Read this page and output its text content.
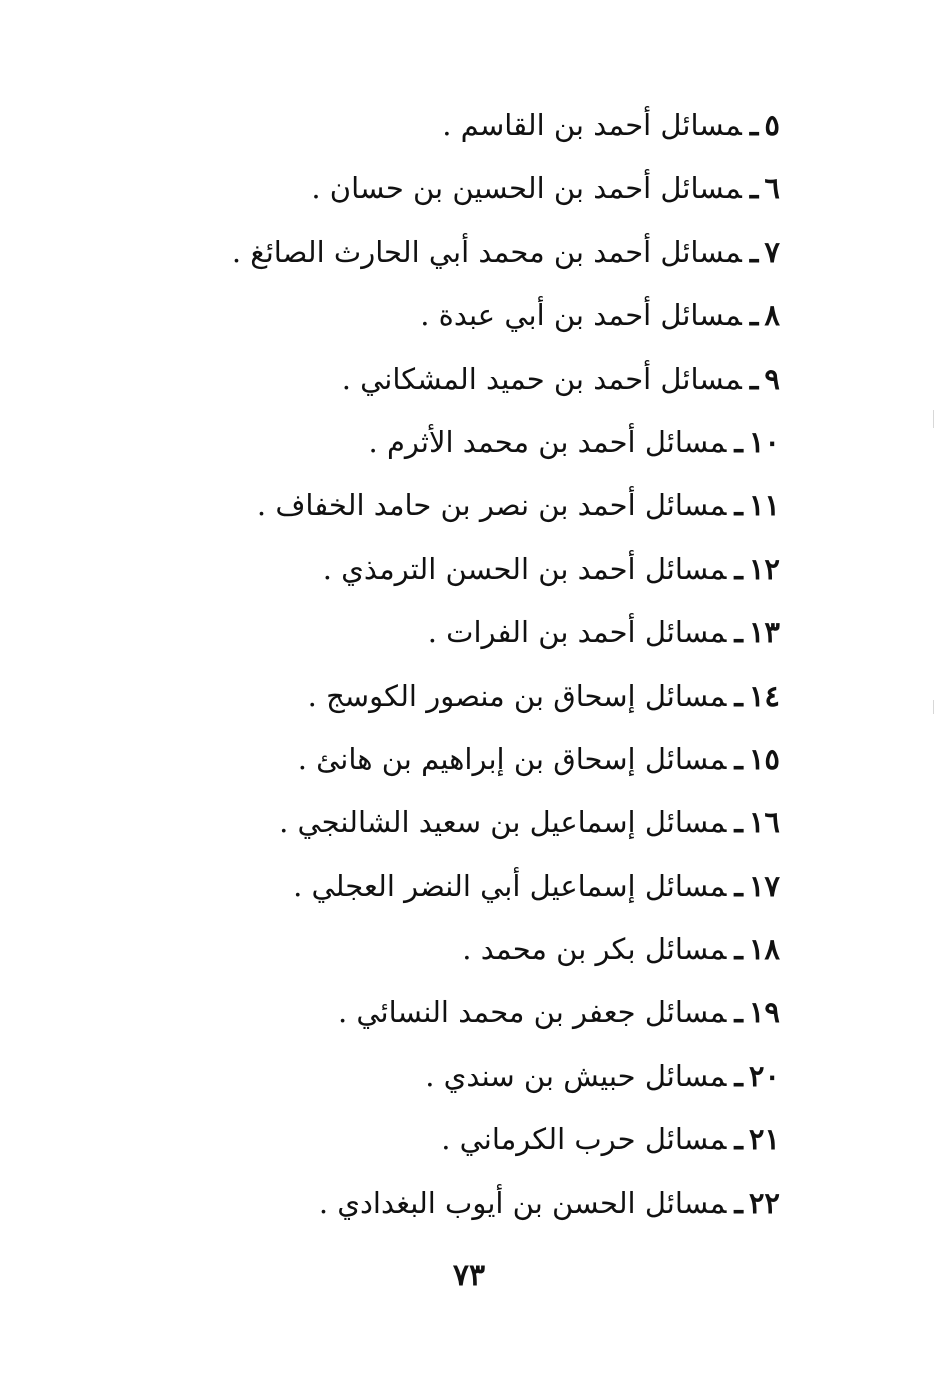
٥ـمسائل أحمد بن القاسم .
٦ـمسائل أحمد بن الحسين بن حسان .
٧ـمسائل أحمد بن محمد أبي الحارث الصائغ .
٨ـمسائل أحمد بن أبي عبدة .
٩ـمسائل أحمد بن حميد المشكاني .
١٠ـمسائل أحمد بن محمد الأثرم .
١١ـمسائل أحمد بن نصر بن حامد الخفاف .
١٢ـمسائل أحمد بن الحسن الترمذي .
١٣ـمسائل أحمد بن الفرات .
١٤ـمسائل إسحاق بن منصور الكوسج .
١٥ـمسائل إسحاق بن إبراهيم بن هانئ .
١٦ـمسائل إسماعيل بن سعيد الشالنجي .
١٧ـمسائل إسماعيل أبي النضر العجلي .
١٨ـمسائل بكر بن محمد .
١٩ـمسائل جعفر بن محمد النسائي .
٢٠ـمسائل حبيش بن سندي .
٢١ـمسائل حرب الكرماني .
٢٢ـمسائل الحسن بن أيوب البغدادي .
٧٣
